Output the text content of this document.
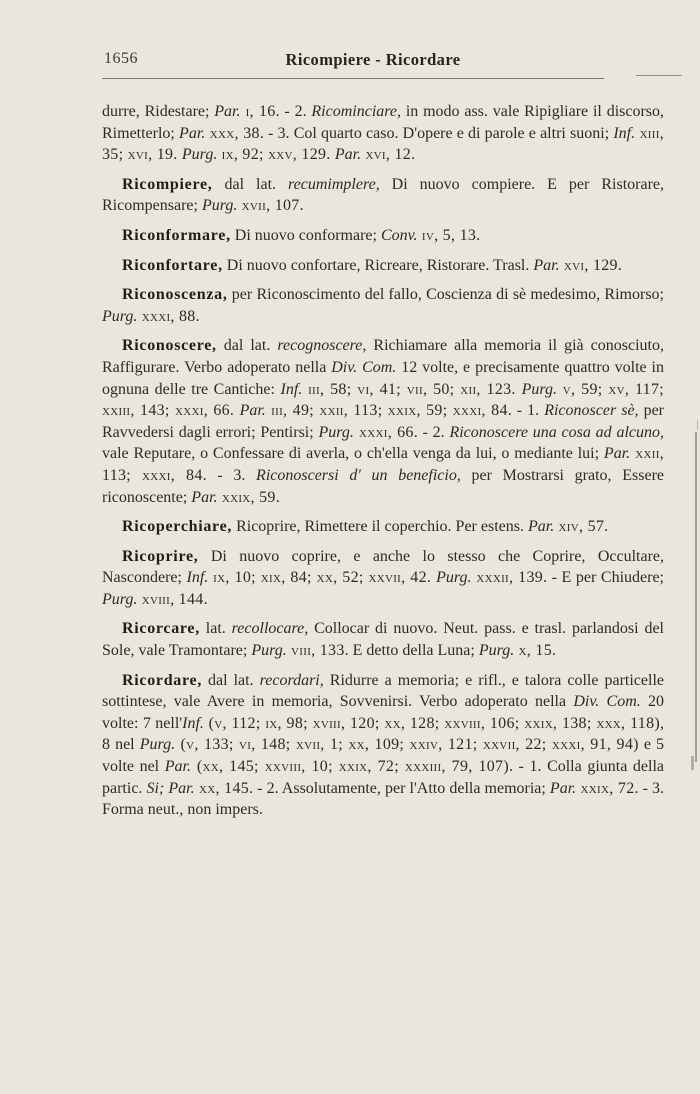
1656	Ricompiere - Ricordare

durre, Ridestare; Par. i, 16. - 2. Ricominciare, in modo ass. vale Ripigliare il discorso, Rimetterlo; Par. xxx, 38. - 3. Col quarto caso. D'opere e di parole e altri suoni; Inf. xiii, 35; xvi, 19. Purg. ix, 92; xxv, 129. Par. xvi, 12.

Ricompiere, dal lat. recumimplere, Di nuovo compiere. E per Ristorare, Ricompensare; Purg. xvii, 107.

Riconformare, Di nuovo conformare; Conv. iv, 5, 13.

Riconfortare, Di nuovo confortare, Ricreare, Ristorare. Trasl. Par. xvi, 129.

Riconoscenza, per Riconoscimento del fallo, Coscienza di sè medesimo, Rimorso; Purg. xxxi, 88.

Riconoscere, dal lat. recognoscere, Richiamare alla memoria il già conosciuto, Raffigurare. Verbo adoperato nella Div. Com. 12 volte, e precisamente quattro volte in ognuna delle tre Cantiche: Inf. iii, 58; vi, 41; vii, 50; xii, 123. Purg. v, 59; xv, 117; xxiii, 143; xxxi, 66. Par. iii, 49; xxii, 113; xxix, 59; xxxi, 84. - 1. Riconoscer sè, per Ravvedersi dagli errori; Pentirsi; Purg. xxxi, 66. - 2. Riconoscere una cosa ad alcuno, vale Reputare, o Confessare di averla, o ch'ella venga da lui, o mediante lui; Par. xxii, 113; xxxi, 84. - 3. Riconoscersi d' un beneficio, per Mostrarsi grato, Essere riconoscente; Par. xxix, 59.

Ricoperchiare, Ricoprire, Rimettere il coperchio. Per estens. Par. xiv, 57.

Ricoprire, Di nuovo coprire, e anche lo stesso che Coprire, Occultare, Nascondere; Inf. ix, 10; xix, 84; xx, 52; xxvii, 42. Purg. xxxii, 139. - E per Chiudere; Purg. xviii, 144.

Ricorcare, lat. recollocare, Collocar di nuovo. Neut. pass. e trasl. parlandosi del Sole, vale Tramontare; Purg. viii, 133. E detto della Luna; Purg. x, 15.

Ricordare, dal lat. recordari, Ridurre a memoria; e rifl., e talora colle particelle sottintese, vale Avere in memoria, Sovvenirsi. Verbo adoperato nella Div. Com. 20 volte: 7 nell'Inf. (v, 112; ix, 98; xviii, 120; xx, 128; xxviii, 106; xxix, 138; xxx, 118), 8 nel Purg. (v, 133; vi, 148; xvii, 1; xx, 109; xxiv, 121; xxvii, 22; xxxi, 91, 94) e 5 volte nel Par. (xx, 145; xxviii, 10; xxix, 72; xxxiii, 79, 107). - 1. Colla giunta della partic. Si; Par. xx, 145. - 2. Assolutamente, per l'Atto della memoria; Par. xxix, 72. - 3. Forma neut., non impers.
